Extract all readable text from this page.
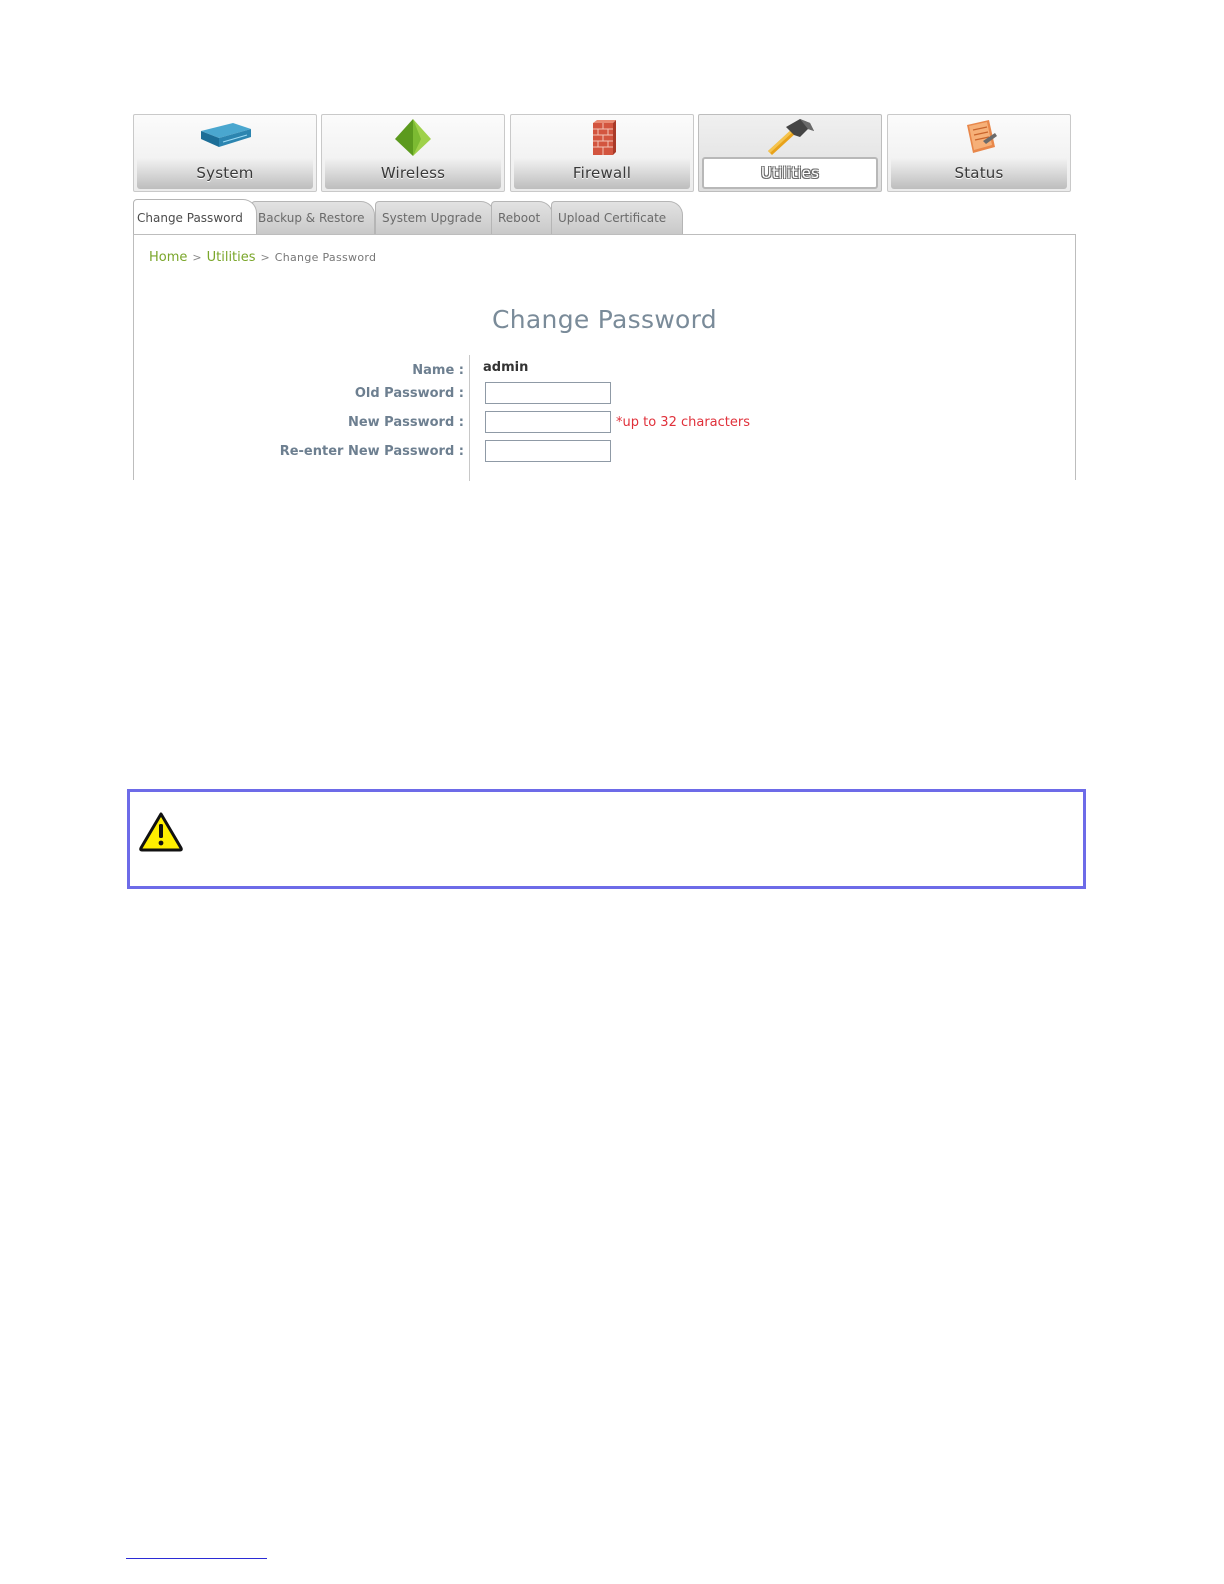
System	Wireless	Firewall	Utilities	Status
Change Password	Backup & Restore	System Upgrade	Reboot	Upload Certificate
Home > Utilities > Change Password
Change Password
Name : admin
Old Password :
New Password :	*up to 32 characters
Re-enter New Password :
